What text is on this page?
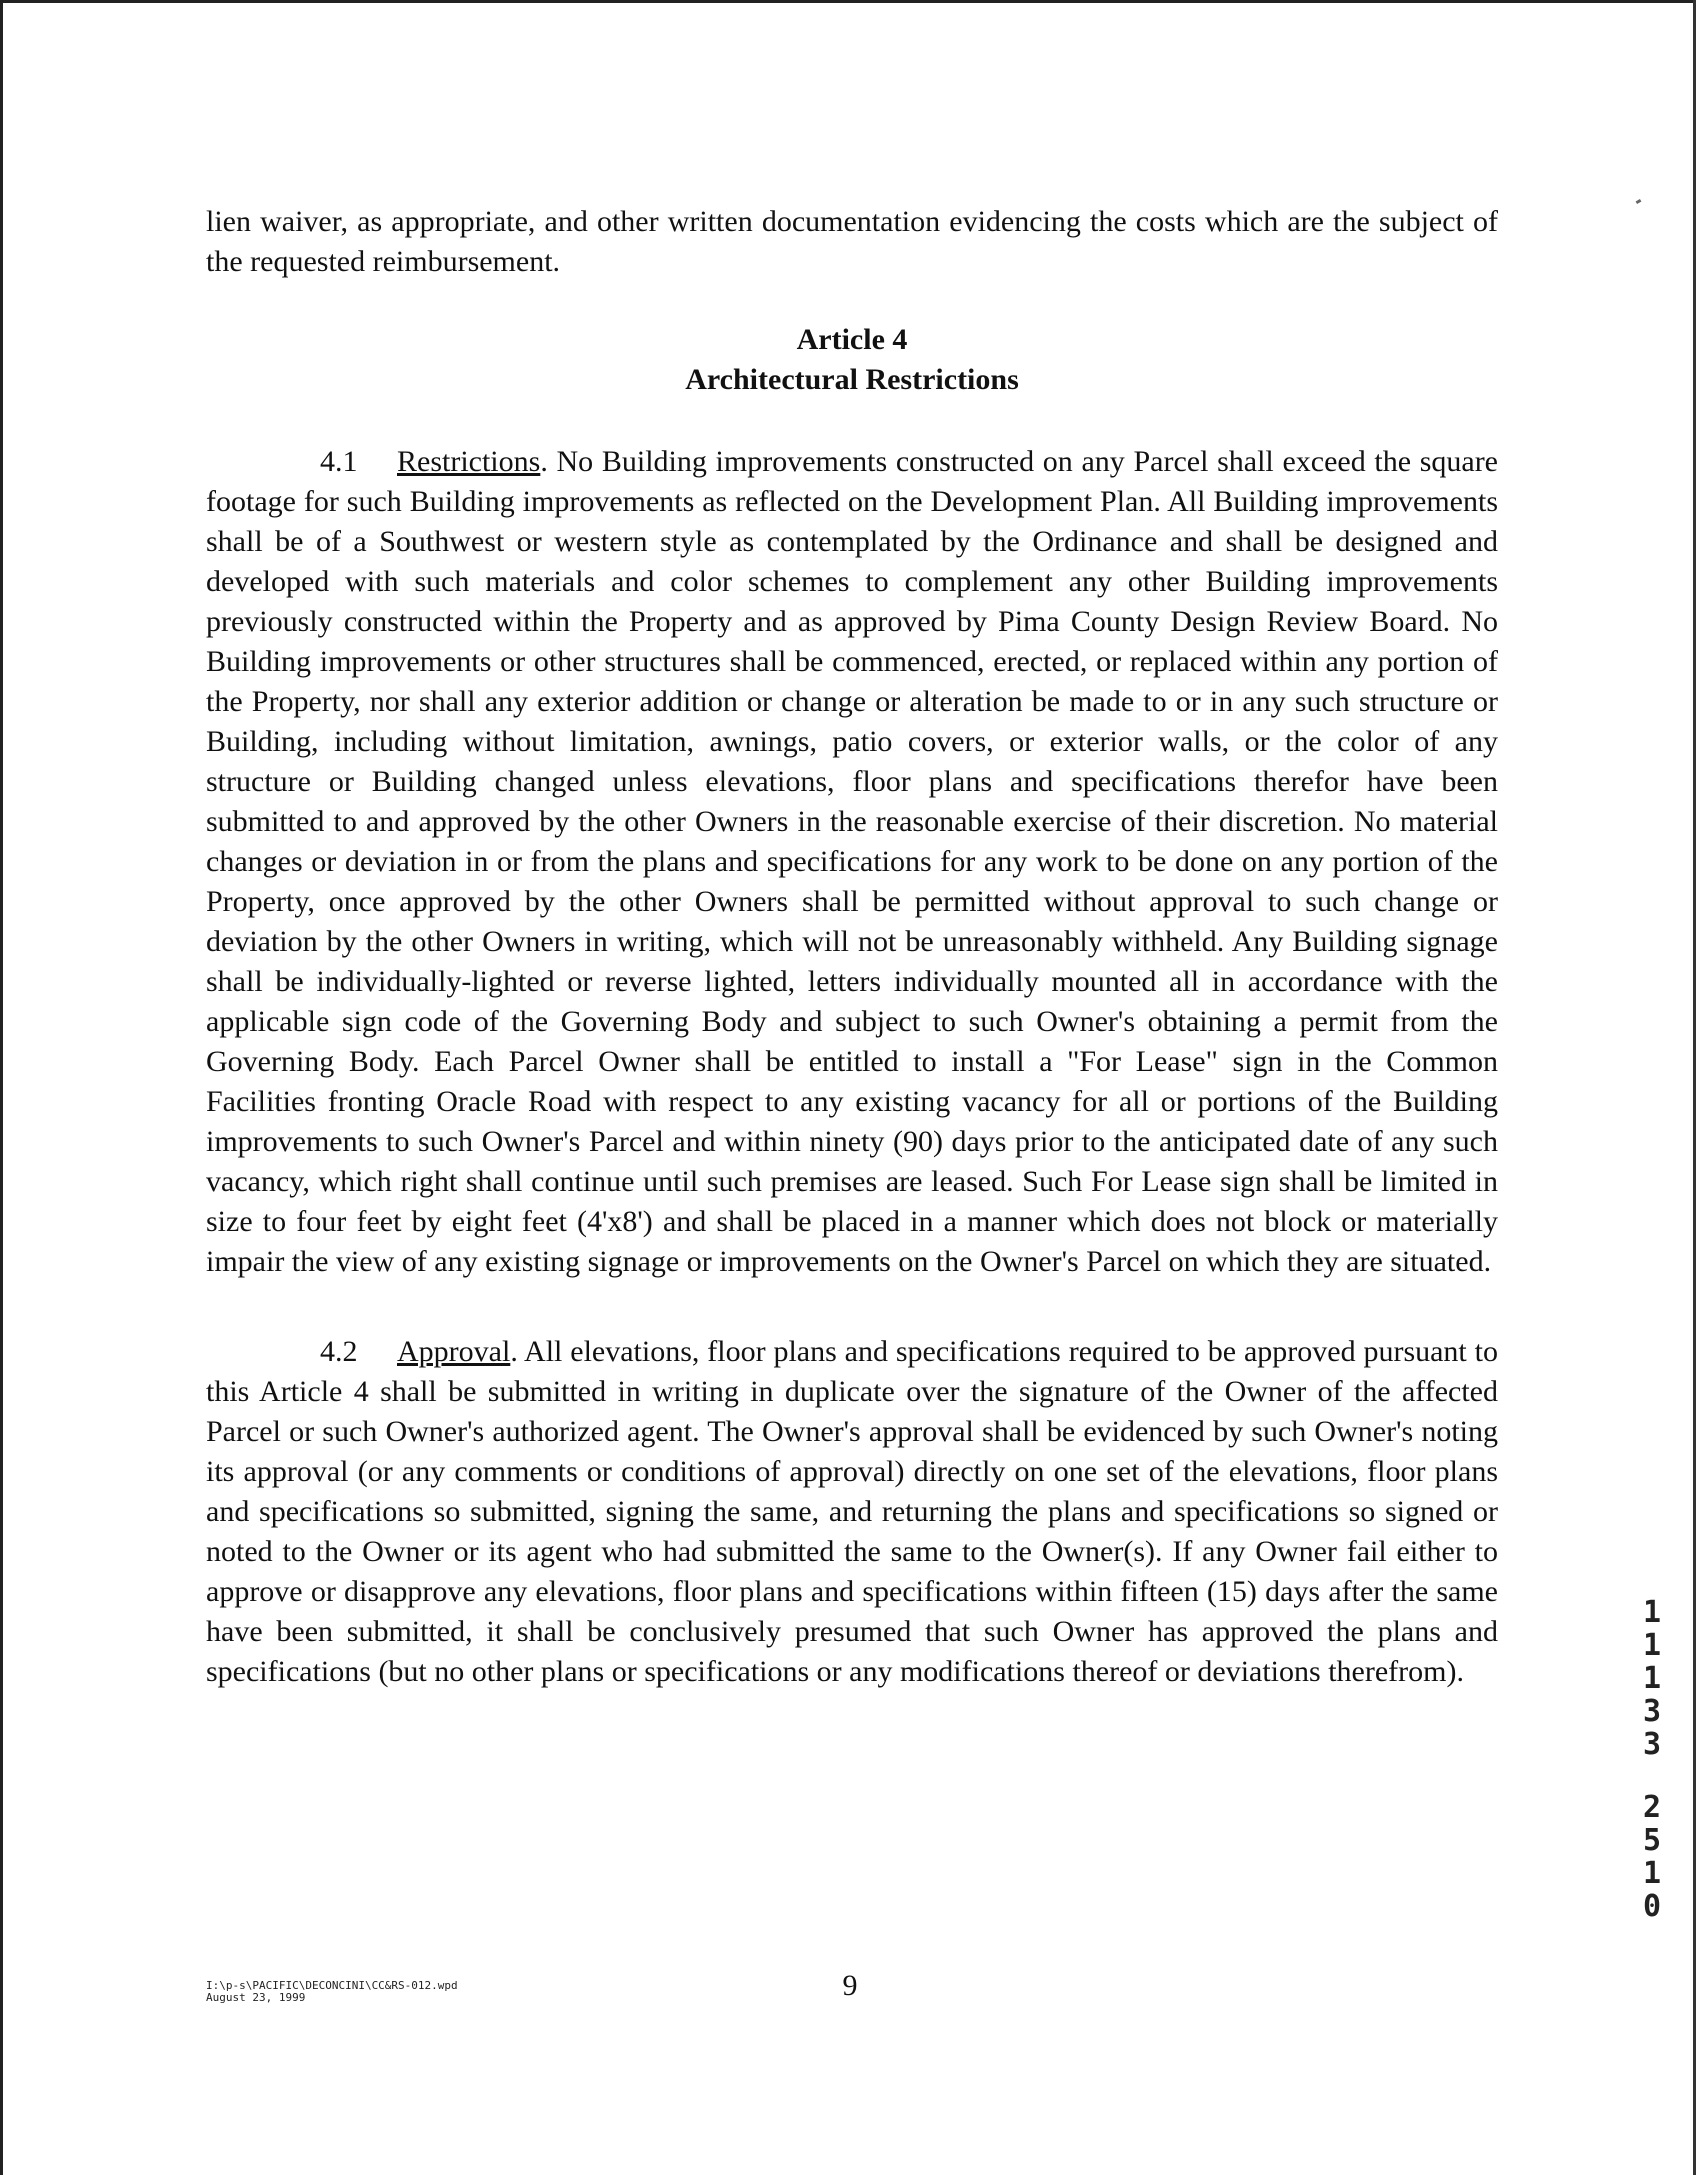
lien waiver, as appropriate, and other written documentation evidencing the costs which are the subject of the requested reimbursement.

Article 4
Architectural Restrictions

4.1 Restrictions. No Building improvements constructed on any Parcel shall exceed the square footage for such Building improvements as reflected on the Development Plan. All Building improvements shall be of a Southwest or western style as contemplated by the Ordinance and shall be designed and developed with such materials and color schemes to complement any other Building improvements previously constructed within the Property and as approved by Pima County Design Review Board. No Building improvements or other structures shall be commenced, erected, or replaced within any portion of the Property, nor shall any exterior addition or change or alteration be made to or in any such structure or Building, including without limitation, awnings, patio covers, or exterior walls, or the color of any structure or Building changed unless elevations, floor plans and specifications therefor have been submitted to and approved by the other Owners in the reasonable exercise of their discretion. No material changes or deviation in or from the plans and specifications for any work to be done on any portion of the Property, once approved by the other Owners shall be permitted without approval to such change or deviation by the other Owners in writing, which will not be unreasonably withheld. Any Building signage shall be individually-lighted or reverse lighted, letters individually mounted all in accordance with the applicable sign code of the Governing Body and subject to such Owner's obtaining a permit from the Governing Body. Each Parcel Owner shall be entitled to install a "For Lease" sign in the Common Facilities fronting Oracle Road with respect to any existing vacancy for all or portions of the Building improvements to such Owner's Parcel and within ninety (90) days prior to the anticipated date of any such vacancy, which right shall continue until such premises are leased. Such For Lease sign shall be limited in size to four feet by eight feet (4'x8') and shall be placed in a manner which does not block or materially impair the view of any existing signage or improvements on the Owner's Parcel on which they are situated.

4.2 Approval. All elevations, floor plans and specifications required to be approved pursuant to this Article 4 shall be submitted in writing in duplicate over the signature of the Owner of the affected Parcel or such Owner's authorized agent. The Owner's approval shall be evidenced by such Owner's noting its approval (or any comments or conditions of approval) directly on one set of the elevations, floor plans and specifications so submitted, signing the same, and returning the plans and specifications so signed or noted to the Owner or its agent who had submitted the same to the Owner(s). If any Owner fail either to approve or disapprove any elevations, floor plans and specifications within fifteen (15) days after the same have been submitted, it shall be conclusively presumed that such Owner has approved the plans and specifications (but no other plans or specifications or any modifications thereof or deviations therefrom).

I:\p-s\PACIFIC\DECONCINI\CC&RS-012.wpd
August 23, 1999	9
1
1
1
3
3
2
5
1
0
